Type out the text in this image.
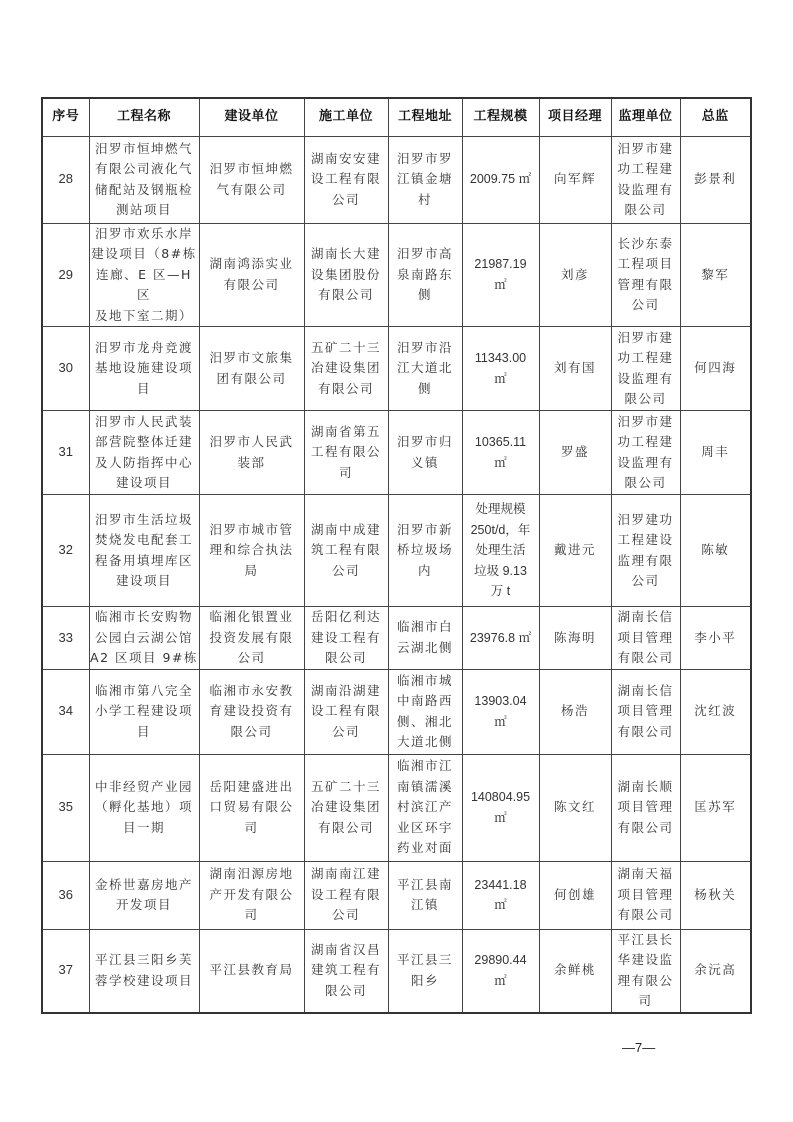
序号	工程名称	建设单位	施工单位	工程地址	工程规模	项目经理	监理单位	总监
28	汨罗市恒坤燃气
有限公司液化气
储配站及钢瓶检
测站项目	汨罗市恒坤燃
气有限公司	湖南安安建
设工程有限
公司	汨罗市罗
江镇金塘
村	2009.75 ㎡	向军辉	汨罗市建
功工程建
设监理有
限公司	彭景利
29	汨罗市欢乐水岸
建设项目（8#栋
连廊、E 区—H 区
及地下室二期）	湖南鸿添实业
有限公司	湖南长大建
设集团股份
有限公司	汨罗市高
泉南路东
侧	21987.19
㎡	刘彦	长沙东泰
工程项目
管理有限
公司	黎军
30	汨罗市龙舟竞渡
基地设施建设项
目	汨罗市文旅集
团有限公司	五矿二十三
冶建设集团
有限公司	汨罗市沿
江大道北
侧	11343.00
㎡	刘有国	汨罗市建
功工程建
设监理有
限公司	何四海
31	汨罗市人民武装
部营院整体迁建
及人防指挥中心
建设项目	汨罗市人民武
装部	湖南省第五
工程有限公
司	汨罗市归
义镇	10365.11
㎡	罗盛	汨罗市建
功工程建
设监理有
限公司	周丰
32	汨罗市生活垃圾
焚烧发电配套工
程备用填埋库区
建设项目	汨罗市城市管
理和综合执法
局	湖南中成建
筑工程有限
公司	汨罗市新
桥垃圾场
内	处理规模
250t/d，年
处理生活
垃圾 9.13
万 t	戴进元	汨罗建功
工程建设
监理有限
公司	陈敏
33	临湘市长安购物
公园白云湖公馆
A2 区项目 9#栋	临湘化银置业
投资发展有限
公司	岳阳亿利达
建设工程有
限公司	临湘市白
云湖北侧	23976.8 ㎡	陈海明	湖南长信
项目管理
有限公司	李小平
34	临湘市第八完全
小学工程建设项
目	临湘市永安教
育建设投资有
限公司	湖南沿湖建
设工程有限
公司	临湘市城
中南路西
侧、湘北
大道北侧	13903.04
㎡	杨浩	湖南长信
项目管理
有限公司	沈红波
35	中非经贸产业园
（孵化基地）项
目一期	岳阳建盛进出
口贸易有限公
司	五矿二十三
冶建设集团
有限公司	临湘市江
南镇濡溪
村滨江产
业区环宇
药业对面	140804.95
㎡	陈文红	湖南长顺
项目管理
有限公司	匡苏军
36	金桥世嘉房地产
开发项目	湖南汨源房地
产开发有限公
司	湖南南江建
设工程有限
公司	平江县南
江镇	23441.18
㎡	何创雄	湖南天福
项目管理
有限公司	杨秋关
37	平江县三阳乡芙
蓉学校建设项目	平江县教育局	湖南省汉昌
建筑工程有
限公司	平江县三
阳乡	29890.44
㎡	余鲜桃	平江县长
华建设监
理有限公
司	余沅高
—7—
